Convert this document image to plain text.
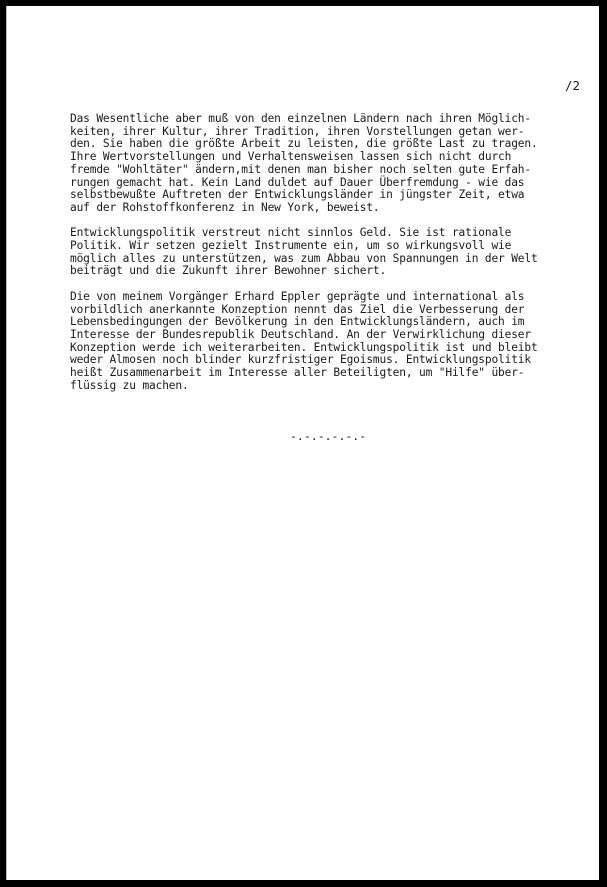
/2

Das Wesentliche aber muß von den einzelnen Ländern nach ihren Möglich-
keiten, ihrer Kultur, ihrer Tradition, ihren Vorstellungen getan wer-
den. Sie haben die größte Arbeit zu leisten, die größte Last zu tragen.
Ihre Wertvorstellungen und Verhaltensweisen lassen sich nicht durch
fremde "Wohltäter" ändern,mit denen man bisher noch selten gute Erfah-
rungen gemacht hat. Kein Land duldet auf Dauer Überfremdung - wie das
selbstbewußte Auftreten der Entwicklungsländer in jüngster Zeit, etwa
auf der Rohstoffkonferenz in New York, beweist.
Entwicklungspolitik verstreut nicht sinnlos Geld. Sie ist rationale
Politik. Wir setzen gezielt Instrumente ein, um so wirkungsvoll wie
möglich alles zu unterstützen, was zum Abbau von Spannungen in der Welt
beiträgt und die Zukunft ihrer Bewohner sichert.
Die von meinem Vorgänger Erhard Eppler geprägte und international als
vorbildlich anerkannte Konzeption nennt das Ziel die Verbesserung der
Lebensbedingungen der Bevölkerung in den Entwicklungsländern, auch im
Interesse der Bundesrepublik Deutschland. An der Verwirklichung dieser
Konzeption werde ich weiterarbeiten. Entwicklungspolitik ist und bleibt
weder Almosen noch blinder kurzfristiger Egoismus. Entwicklungspolitik
heißt Zusammenarbeit im Interesse aller Beteiligten, um "Hilfe" über-
flüssig zu machen.

-.-.-.-.-.-
